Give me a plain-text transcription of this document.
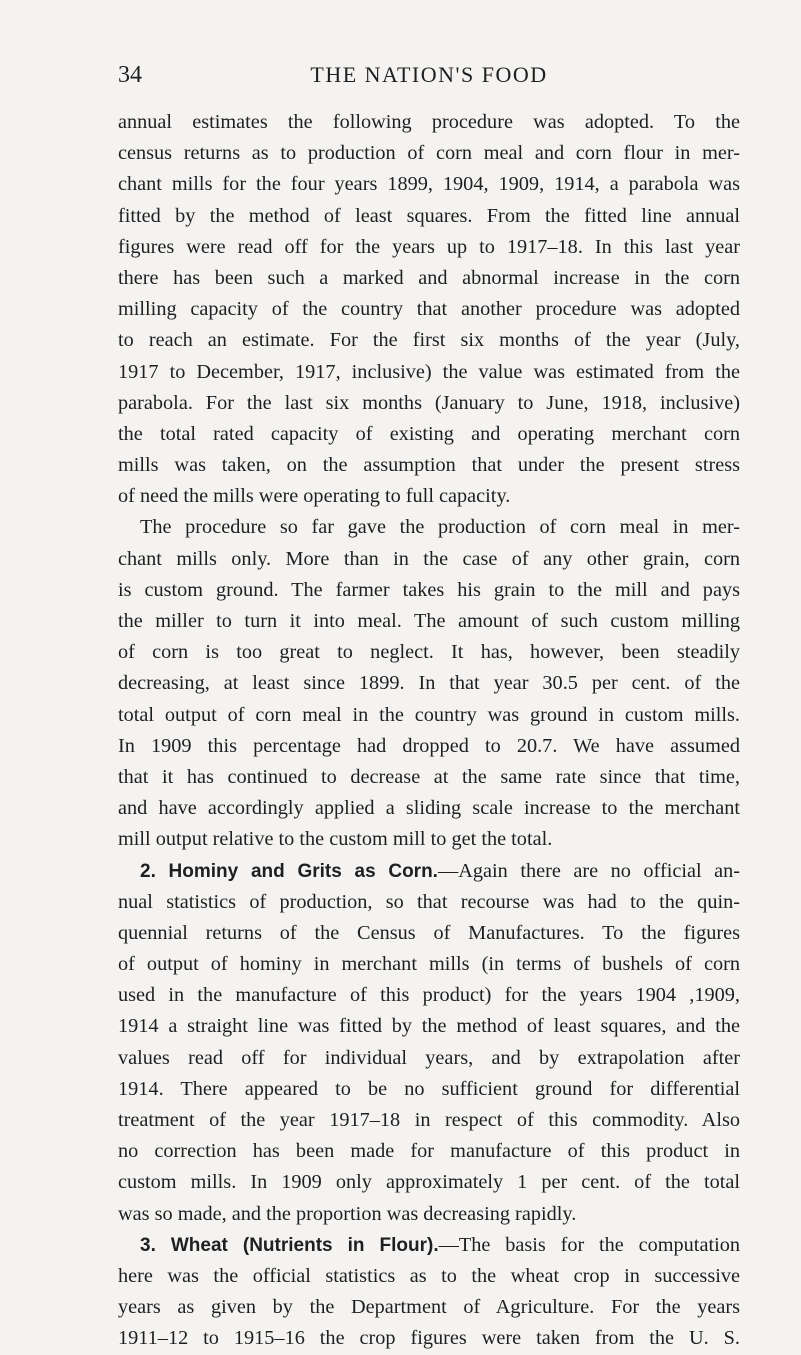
34	THE NATION'S FOOD
annual estimates the following procedure was adopted. To the
census returns as to production of corn meal and corn flour in mer-
chant mills for the four years 1899, 1904, 1909, 1914, a parabola was
fitted by the method of least squares. From the fitted line annual
figures were read off for the years up to 1917–18. In this last year
there has been such a marked and abnormal increase in the corn
milling capacity of the country that another procedure was adopted
to reach an estimate. For the first six months of the year (July,
1917 to December, 1917, inclusive) the value was estimated from the
parabola. For the last six months (January to June, 1918, inclusive)
the total rated capacity of existing and operating merchant corn
mills was taken, on the assumption that under the present stress
of need the mills were operating to full capacity.
The procedure so far gave the production of corn meal in mer-
chant mills only. More than in the case of any other grain, corn
is custom ground. The farmer takes his grain to the mill and pays
the miller to turn it into meal. The amount of such custom milling
of corn is too great to neglect. It has, however, been steadily
decreasing, at least since 1899. In that year 30.5 per cent. of the
total output of corn meal in the country was ground in custom mills.
In 1909 this percentage had dropped to 20.7. We have assumed
that it has continued to decrease at the same rate since that time,
and have accordingly applied a sliding scale increase to the merchant
mill output relative to the custom mill to get the total.
2. Hominy and Grits as Corn.—Again there are no official an-
nual statistics of production, so that recourse was had to the quin-
quennial returns of the Census of Manufactures. To the figures
of output of hominy in merchant mills (in terms of bushels of corn
used in the manufacture of this product) for the years 1904 ,1909,
1914 a straight line was fitted by the method of least squares, and the
values read off for individual years, and by extrapolation after
1914. There appeared to be no sufficient ground for differential
treatment of the year 1917–18 in respect of this commodity. Also
no correction has been made for manufacture of this product in
custom mills. In 1909 only approximately 1 per cent. of the total
was so made, and the proportion was decreasing rapidly.
3. Wheat (Nutrients in Flour).—The basis for the computation
here was the official statistics as to the wheat crop in successive
years as given by the Department of Agriculture. For the years
1911–12 to 1915–16 the crop figures were taken from the U. S.
